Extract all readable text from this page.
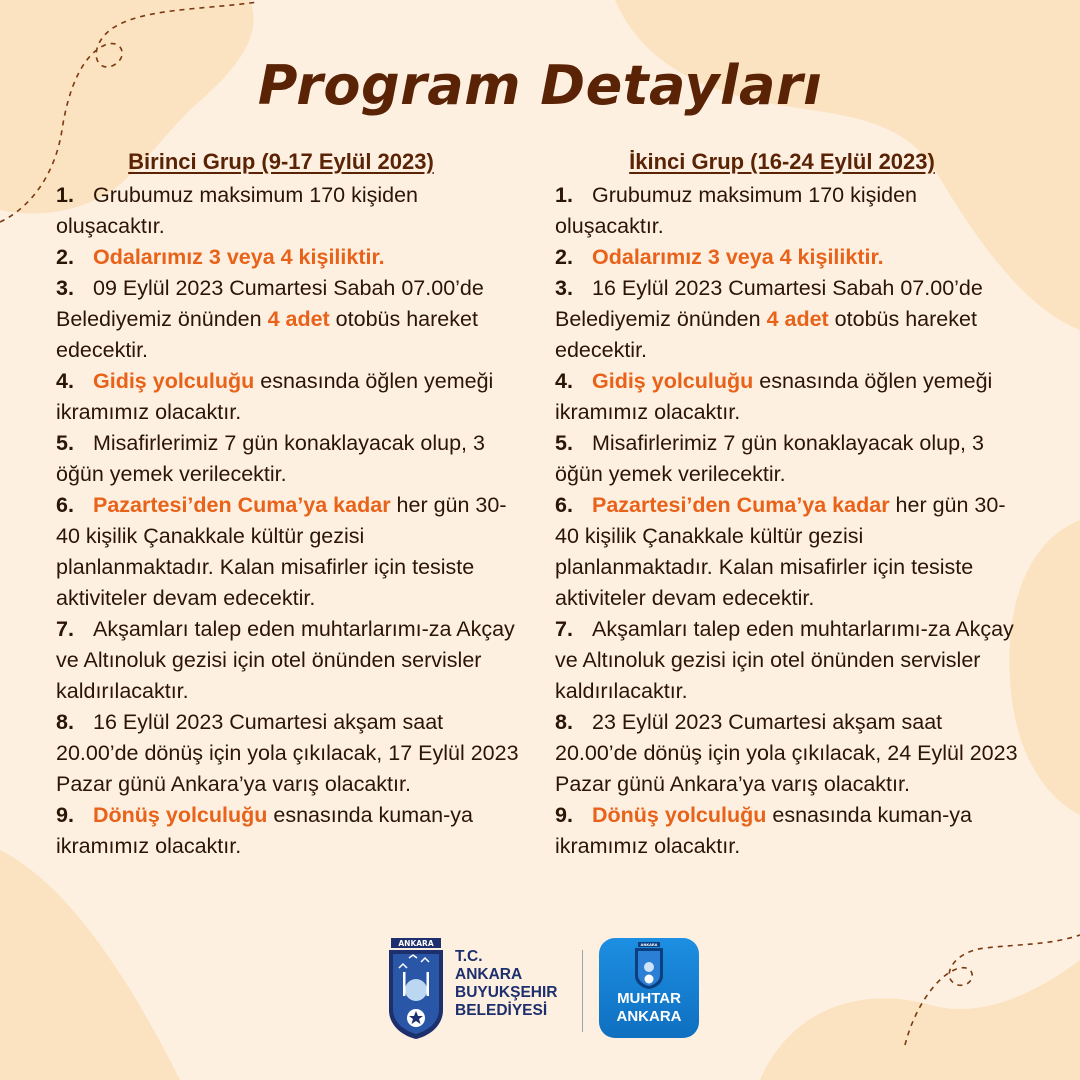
Program Detayları
Birinci Grup (9-17 Eylül 2023)
1. Grubumuz maksimum 170 kişiden oluşacaktır.
2. Odalarımız 3 veya 4 kişiliktir.
3. 09 Eylül 2023 Cumartesi Sabah 07.00’de Belediyemiz önünden 4 adet otobüs hareket edecektir.
4. Gidiş yolculuğu esnasında öğlen yemeği ikramımız olacaktır.
5. Misafirlerimiz 7 gün konaklayacak olup, 3 öğün yemek verilecektir.
6. Pazartesi’den Cuma’ya kadar her gün 30-40 kişilik Çanakkale kültür gezisi planlanmaktadır. Kalan misafirler için tesiste aktiviteler devam edecektir.
7. Akşamları talep eden muhtarlarımı-za Akçay ve Altınoluk gezisi için otel önünden servisler kaldırılacaktır.
8. 16 Eylül 2023 Cumartesi akşam saat 20.00’de dönüş için yola çıkılacak, 17 Eylül 2023 Pazar günü Ankara’ya varış olacaktır.
9. Dönüş yolculuğu esnasında kuman-ya ikramımız olacaktır.
İkinci Grup (16-24 Eylül 2023)
1. Grubumuz maksimum 170 kişiden oluşacaktır.
2. Odalarımız 3 veya 4 kişiliktir.
3. 16 Eylül 2023 Cumartesi Sabah 07.00’de Belediyemiz önünden 4 adet otobüs hareket edecektir.
4. Gidiş yolculuğu esnasında öğlen yemeği ikramımız olacaktır.
5. Misafirlerimiz 7 gün konaklayacak olup, 3 öğün yemek verilecektir.
6. Pazartesi’den Cuma’ya kadar her gün 30-40 kişilik Çanakkale kültür gezisi planlanmaktadır. Kalan misafirler için tesiste aktiviteler devam edecektir.
7. Akşamları talep eden muhtarlarımı-za Akçay ve Altınoluk gezisi için otel önünden servisler kaldırılacaktır.
8. 23 Eylül 2023 Cumartesi akşam saat 20.00’de dönüş için yola çıkılacak, 24 Eylül 2023 Pazar günü Ankara’ya varış olacaktır.
9. Dönüş yolculuğu esnasında kuman-ya ikramımız olacaktır.
ANKARA
T.C.
ANKARA
BUYUKŞEHIR
BELEDİYESİ
ANKARA
MUHTAR
ANKARA
